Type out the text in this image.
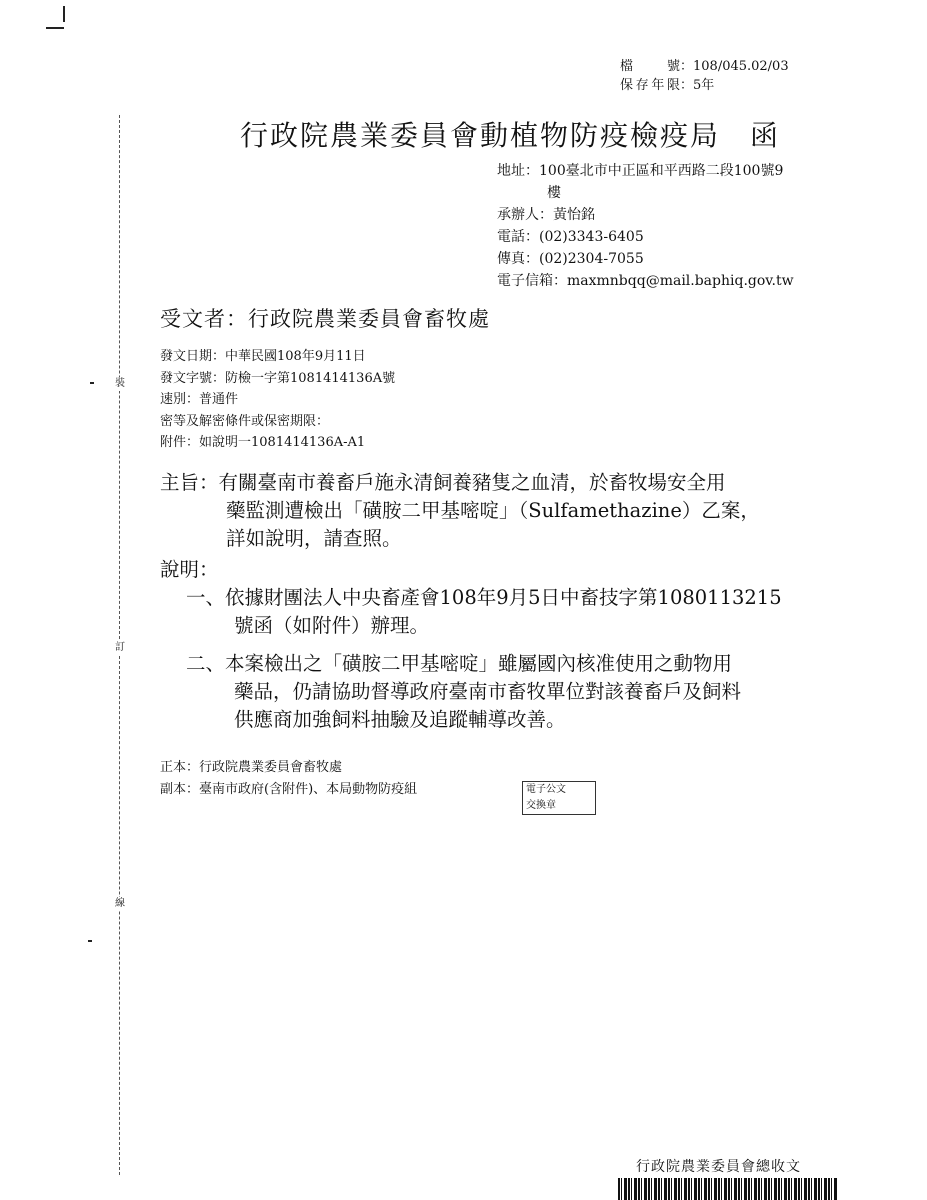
裝
訂
線
檔　　號：108/045.02/03
保存年限：5年
行政院農業委員會動植物防疫檢疫局　函
地址：100臺北市中正區和平西路二段100號9
樓
承辦人：黃怡銘
電話：(02)3343-6405
傳真：(02)2304-7055
電子信箱：maxmnbqq@mail.baphiq.gov.tw
受文者：行政院農業委員會畜牧處
發文日期：中華民國108年9月11日
發文字號：防檢一字第1081414136A號
速別：普通件
密等及解密條件或保密期限：
附件：如說明一1081414136A-A1
主旨：有關臺南市養畜戶施永清飼養豬隻之血清，於畜牧場安全用
藥監測遭檢出「磺胺二甲基嘧啶」（Sulfamethazine）乙案，
詳如說明，請查照。
說明：
一、依據財團法人中央畜產會108年9月5日中畜技字第1080113215
號函（如附件）辦理。
二、本案檢出之「磺胺二甲基嘧啶」雖屬國內核准使用之動物用
藥品，仍請協助督導政府臺南市畜牧單位對該養畜戶及飼料
供應商加強飼料抽驗及追蹤輔導改善。
正本：行政院農業委員會畜牧處
副本：臺南市政府(含附件)、本局動物防疫組	電子公文
交換章
行政院農業委員會總收文
